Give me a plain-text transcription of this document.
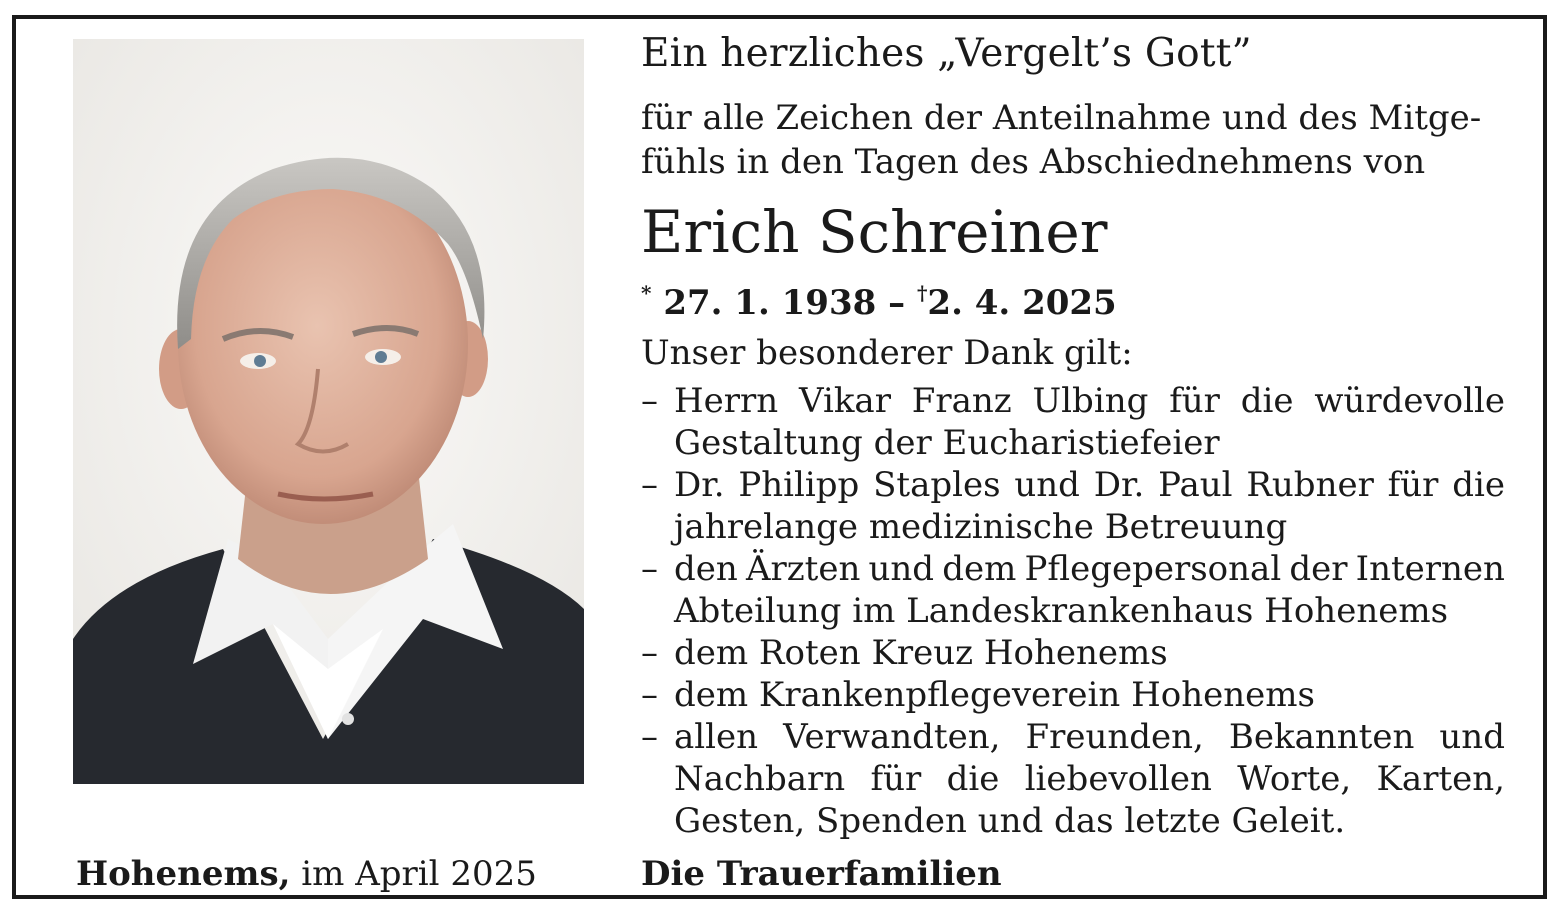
Hohenems, im April 2025
Ein herzliches „Vergelt’s Gott”
für alle Zeichen der Anteilnahme und des Mitge-
fühls in den Tagen des Abschiednehmens von
Erich Schreiner
* 27. 1. 1938 – †2. 4. 2025
Unser besonderer Dank gilt:
– Herrn Vikar Franz Ulbing für die würdevolle
Gestaltung der Eucharistiefeier
– Dr. Philipp Staples und Dr. Paul Rubner für die
jahrelange medizinische Betreuung
– den Ärzten und dem Pflegepersonal der Internen
Abteilung im Landeskrankenhaus Hohenems
– dem Roten Kreuz Hohenems
– dem Krankenpflegeverein Hohenems
– allen Verwandten, Freunden, Bekannten und
Nachbarn für die liebevollen Worte, Karten,
Gesten, Spenden und das letzte Geleit.
Die Trauerfamilien
